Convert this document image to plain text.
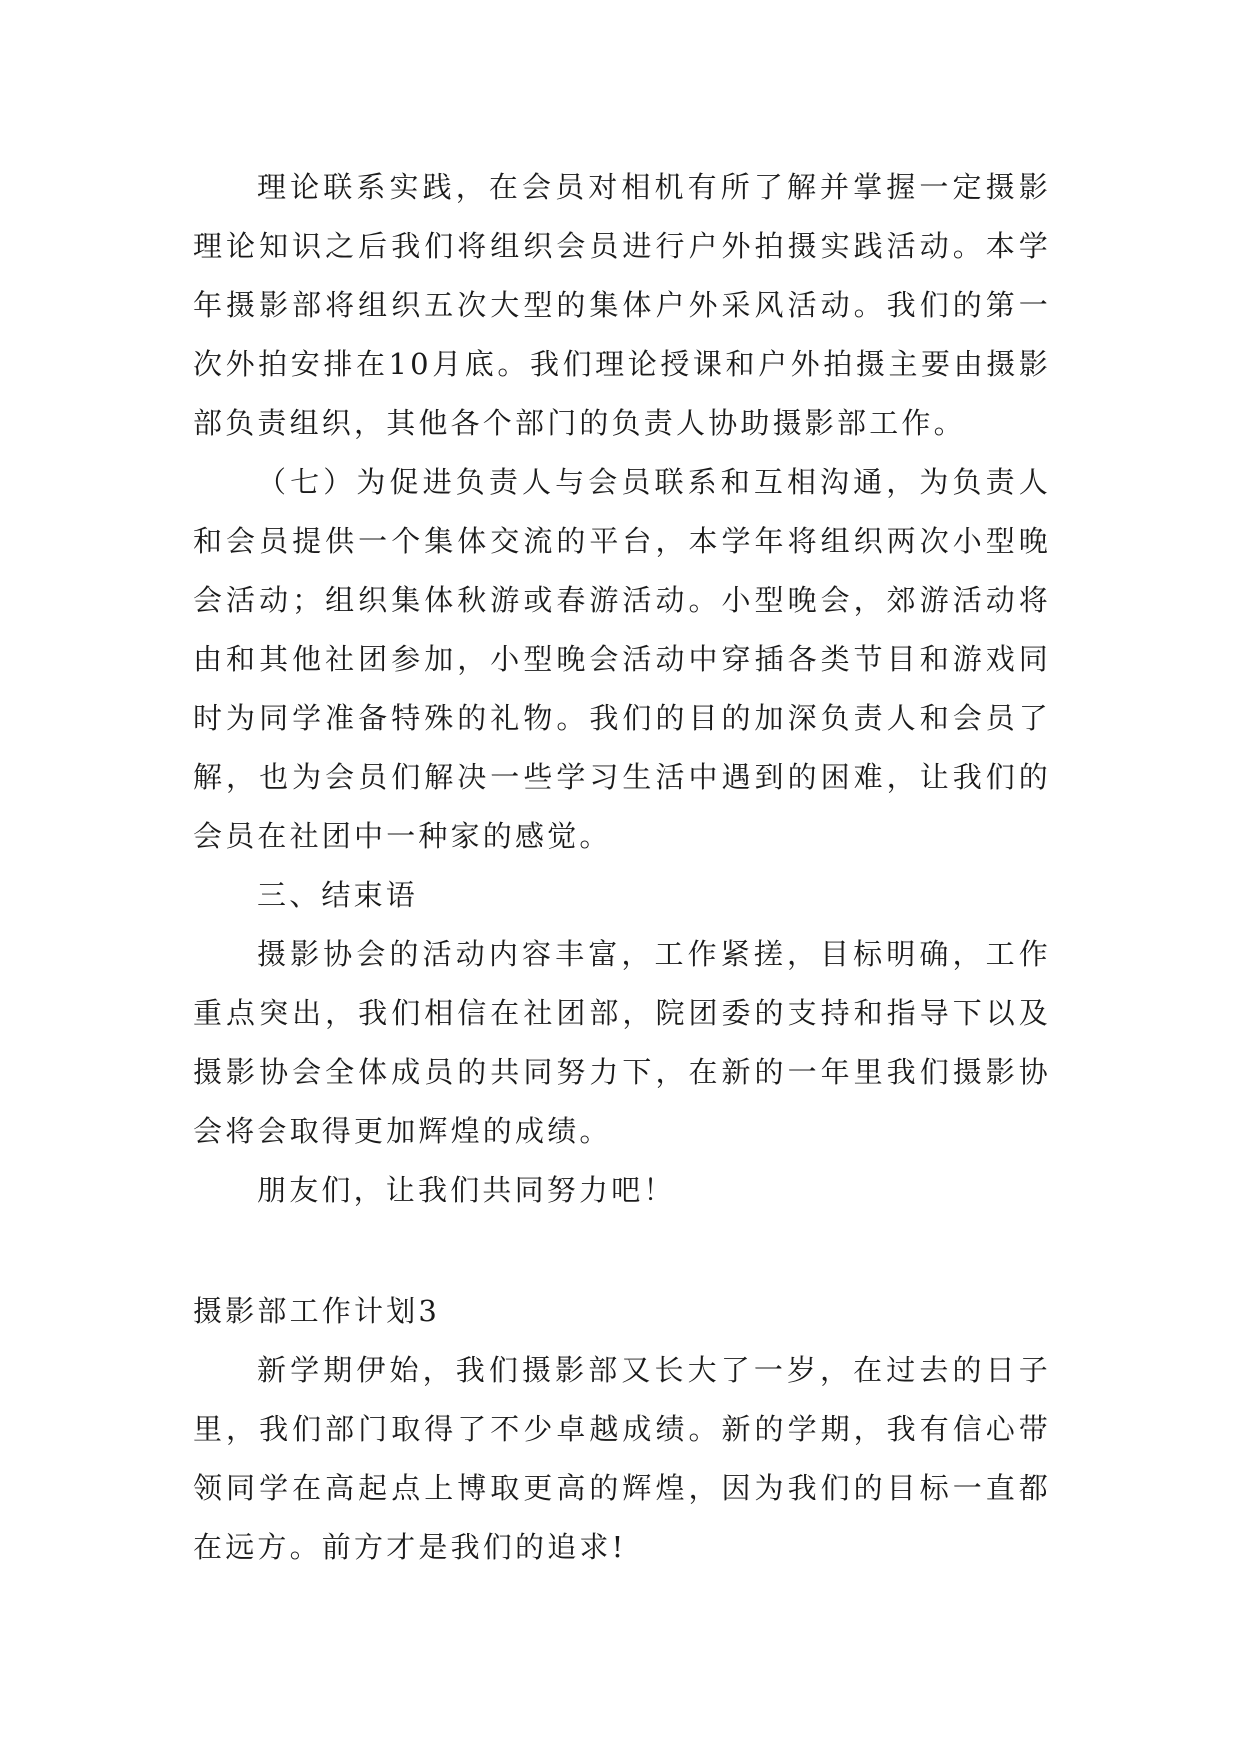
理论联系实践，在会员对相机有所了解并掌握一定摄影理论知识之后我们将组织会员进行户外拍摄实践活动。本学年摄影部将组织五次大型的集体户外采风活动。我们的第一次外拍安排在10月底。我们理论授课和户外拍摄主要由摄影部负责组织，其他各个部门的负责人协助摄影部工作。

（七）为促进负责人与会员联系和互相沟通，为负责人和会员提供一个集体交流的平台，本学年将组织两次小型晚会活动；组织集体秋游或春游活动。小型晚会，郊游活动将由和其他社团参加，小型晚会活动中穿插各类节目和游戏同时为同学准备特殊的礼物。我们的目的加深负责人和会员了解，也为会员们解决一些学习生活中遇到的困难，让我们的会员在社团中一种家的感觉。

三、结束语

摄影协会的活动内容丰富，工作紧搓，目标明确，工作重点突出，我们相信在社团部，院团委的支持和指导下以及摄影协会全体成员的共同努力下，在新的一年里我们摄影协会将会取得更加辉煌的成绩。

朋友们，让我们共同努力吧！

摄影部工作计划3

新学期伊始，我们摄影部又长大了一岁，在过去的日子里，我们部门取得了不少卓越成绩。新的学期，我有信心带领同学在高起点上博取更高的辉煌，因为我们的目标一直都在远方。前方才是我们的追求!
